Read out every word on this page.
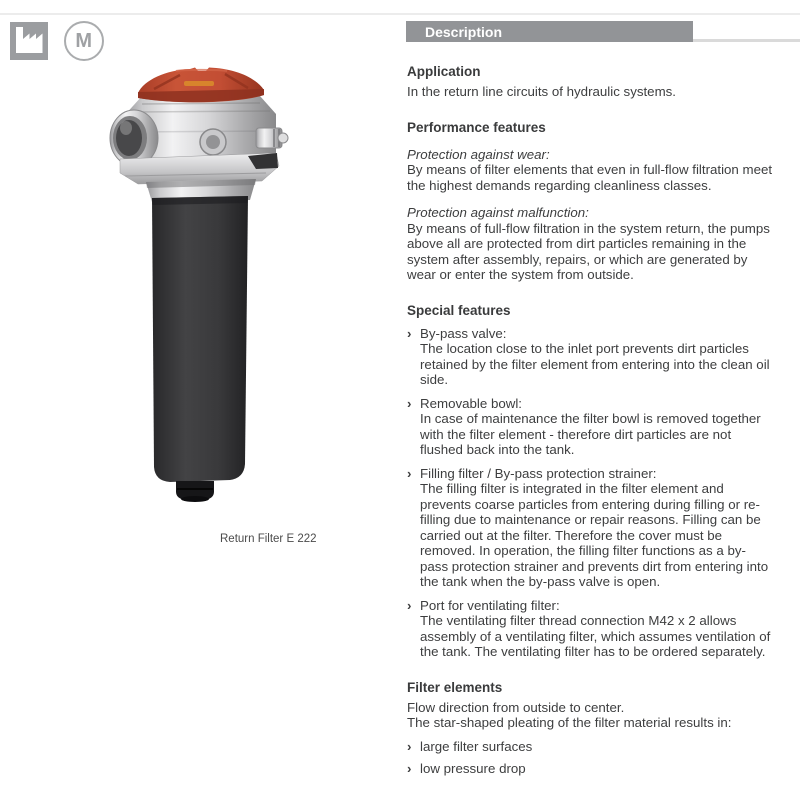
M
Return Filter E 222
Description
Application

In the return line circuits of hydraulic systems.

Performance features

Protection against wear:

By means of filter elements that even in full-flow filtration meet the highest demands regarding cleanliness classes.

Protection against malfunction:

By means of full-flow filtration in the system return, the pumps above all are protected from dirt particles remaining in the system after assembly, repairs, or which are generated by wear or enter the system from outside.

Special features
› By-pass valve:
The location close to the inlet port prevents dirt particles retained by the filter element from entering into the clean oil side.
› Removable bowl:
In case of maintenance the filter bowl is removed together with the filter element - therefore dirt particles are not flushed back into the tank.
› Filling filter / By-pass protection strainer:
The filling filter is integrated in the filter element and prevents coarse particles from entering during filling or re-filling due to maintenance or repair reasons. Filling can be carried out at the filter. Therefore the cover must be removed. In operation, the filling filter functions as a by-pass protection strainer and prevents dirt from entering into the tank when the by-pass valve is open.
› Port for ventilating filter:
The ventilating filter thread connection M42 x 2 allows assembly of a ventilating filter, which assumes ventilation of the tank. The ventilating filter has to be ordered separately.
Filter elements

Flow direction from outside to center.

The star-shaped pleating of the filter material results in:

› large filter surfaces
› low pressure drop
